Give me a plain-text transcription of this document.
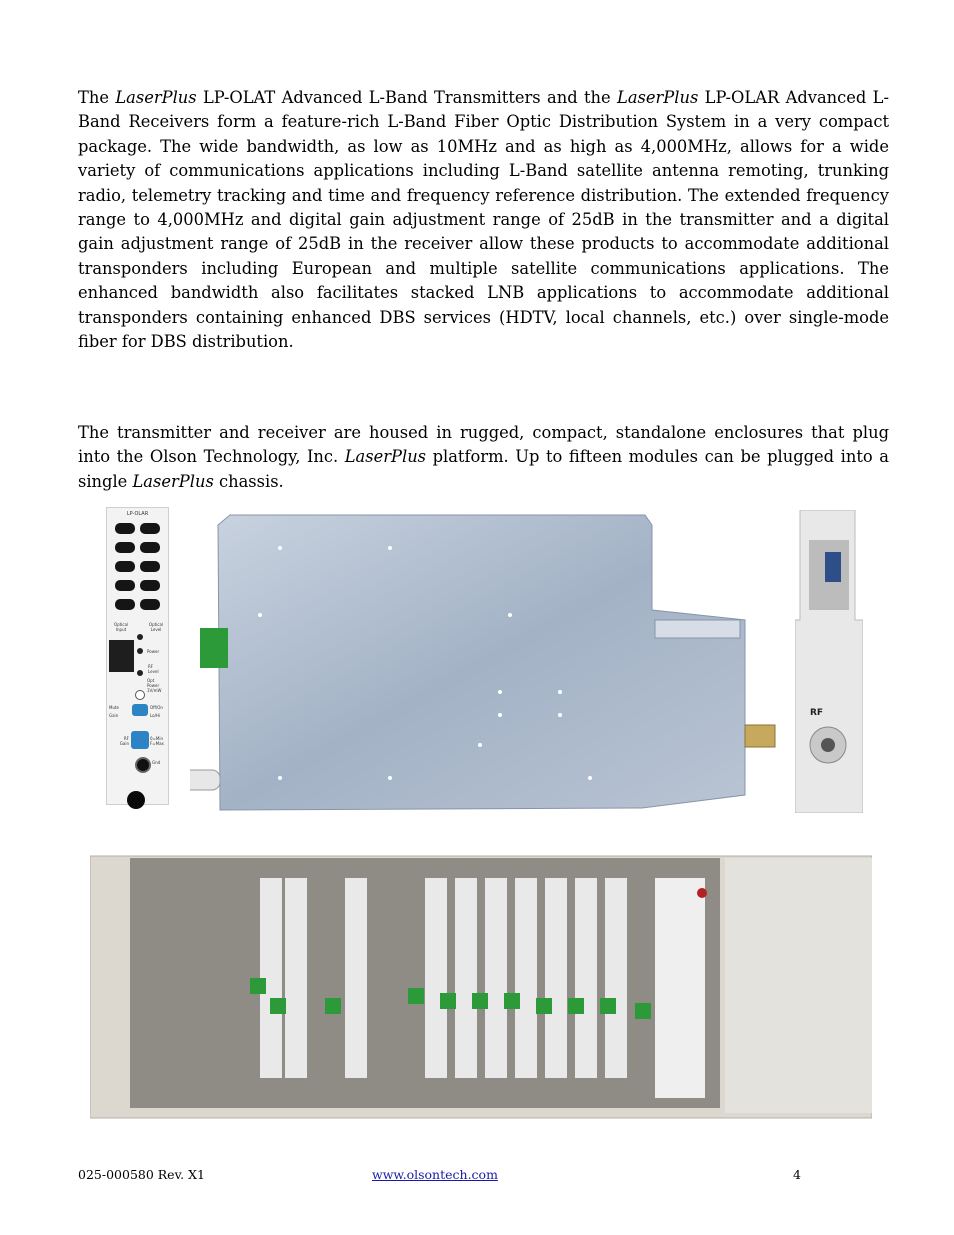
The LaserPlus LP-OLAT Advanced L-Band Transmitters and the LaserPlus LP-OLAR Advanced L-Band Receivers form a feature-rich L-Band Fiber Optic Distribution System in a very compact package. The wide bandwidth, as low as 10MHz and as high as 4,000MHz, allows for a wide variety of communications applications including L-Band satellite antenna remoting, trunking radio, telemetry tracking and time and frequency reference distribution. The extended frequency range to 4,000MHz and digital gain adjustment range of 25dB in the transmitter and a digital gain adjustment range of 25dB in the receiver allow these products to accommodate additional transponders including European and multiple satellite communications applications. The enhanced bandwidth also facilitates stacked LNB applications to accommodate additional transponders containing enhanced DBS services (HDTV, local channels, etc.) over single-mode fiber for DBS distribution.

The transmitter and receiver are housed in rugged, compact, standalone enclosures that plug into the Olson Technology, Inc. LaserPlus platform. Up to fifteen modules can be plugged into a single LaserPlus chassis.

LP-OLAR
Optical Input
Optical Level
Power
RF Level
Opt Power 1V/mW
Mute
Gain
Off/On
Lo/Hi
RF Gain
0=Min F=Max
Gnd
RF
025-000580 Rev. X1	www.olsontech.com	4
